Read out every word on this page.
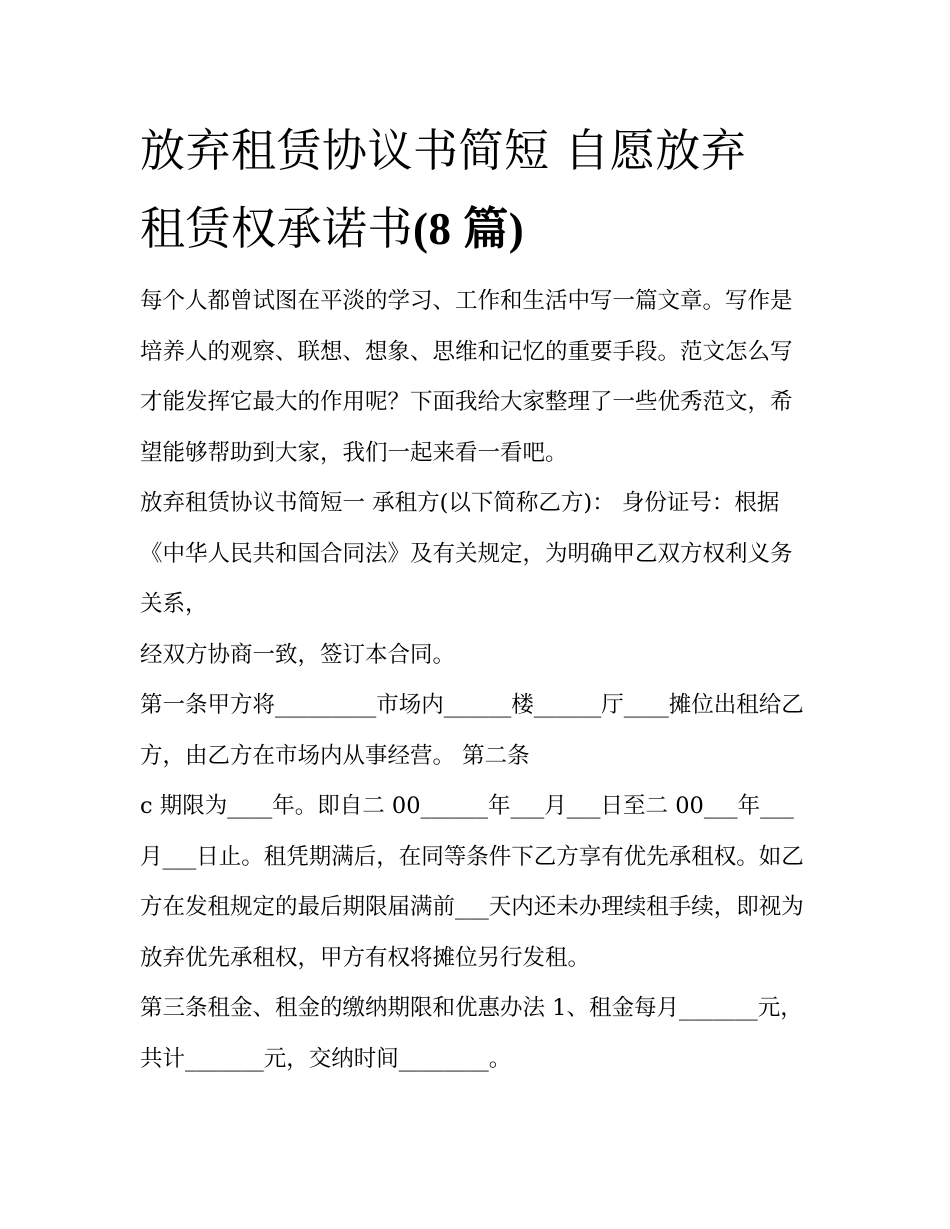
放弃租赁协议书简短 自愿放弃
租赁权承诺书(8 篇)

每个人都曾试图在平淡的学习、工作和生活中写一篇文章。写作是培养人的观察、联想、想象、思维和记忆的重要手段。范文怎么写才能发挥它最大的作用呢？下面我给大家整理了一些优秀范文，希望能够帮助到大家，我们一起来看一看吧。

放弃租赁协议书简短一 承租方(以下简称乙方)： 身份证号：根据《中华人民共和国合同法》及有关规定，为明确甲乙双方权利义务关系，

经双方协商一致，签订本合同。

第一条甲方将_________市场内______楼______厅____摊位出租给乙方，由乙方在市场内从事经营。 第二条

c 期限为____年。即自二 00______年___月___日至二 00___年___月___日止。租凭期满后，在同等条件下乙方享有优先承租权。如乙方在发租规定的最后期限届满前___天内还未办理续租手续，即视为放弃优先承租权，甲方有权将摊位另行发租。

第三条租金、租金的缴纳期限和优惠办法 1、租金每月_______元，共计_______元，交纳时间________。
